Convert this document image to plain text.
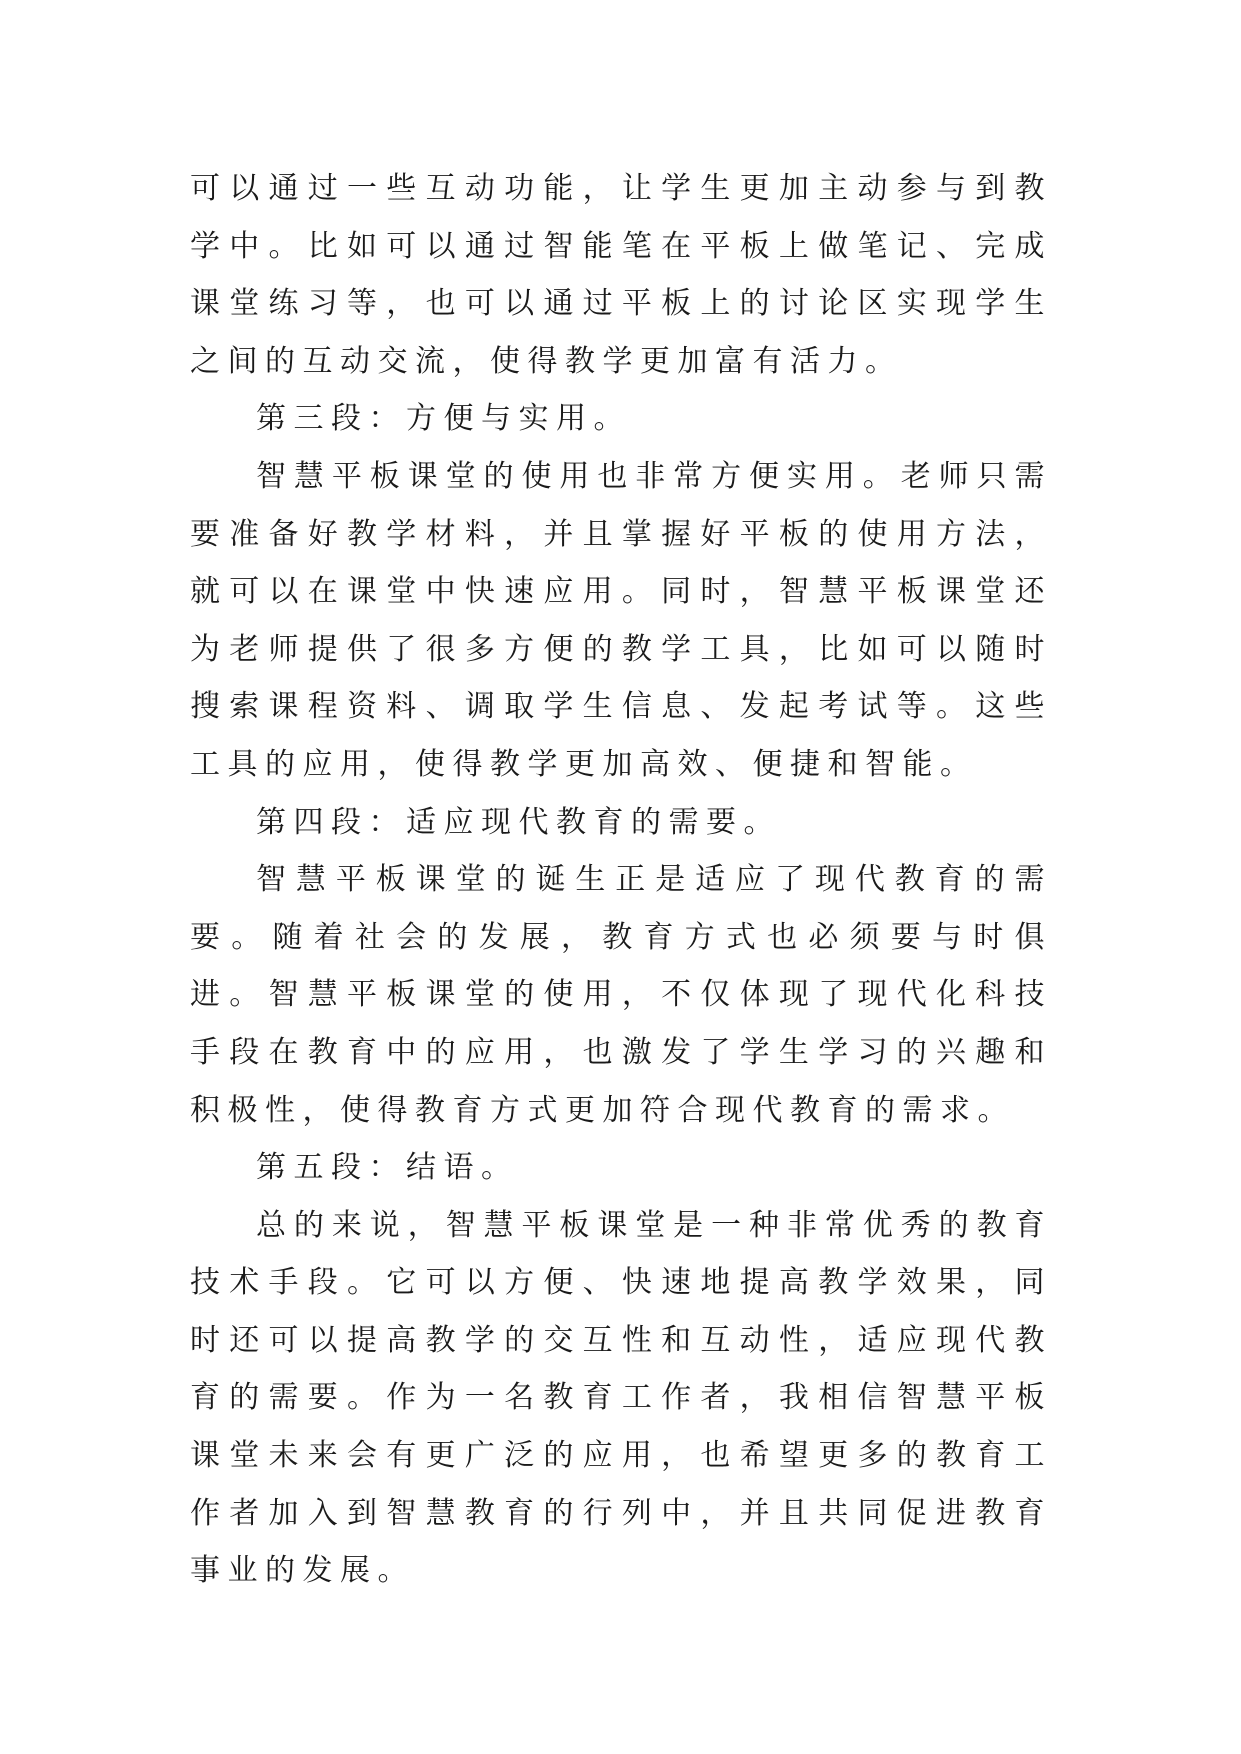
可以通过一些互动功能，让学生更加主动参与到教学中。比如可以通过智能笔在平板上做笔记、完成课堂练习等，也可以通过平板上的讨论区实现学生之间的互动交流，使得教学更加富有活力。

第三段：方便与实用。

智慧平板课堂的使用也非常方便实用。老师只需要准备好教学材料，并且掌握好平板的使用方法，就可以在课堂中快速应用。同时，智慧平板课堂还为老师提供了很多方便的教学工具，比如可以随时搜索课程资料、调取学生信息、发起考试等。这些工具的应用，使得教学更加高效、便捷和智能。

第四段：适应现代教育的需要。

智慧平板课堂的诞生正是适应了现代教育的需要。随着社会的发展，教育方式也必须要与时俱进。智慧平板课堂的使用，不仅体现了现代化科技手段在教育中的应用，也激发了学生学习的兴趣和积极性，使得教育方式更加符合现代教育的需求。

第五段：结语。

总的来说，智慧平板课堂是一种非常优秀的教育技术手段。它可以方便、快速地提高教学效果，同时还可以提高教学的交互性和互动性，适应现代教育的需要。作为一名教育工作者，我相信智慧平板课堂未来会有更广泛的应用，也希望更多的教育工作者加入到智慧教育的行列中，并且共同促进教育事业的发展。
